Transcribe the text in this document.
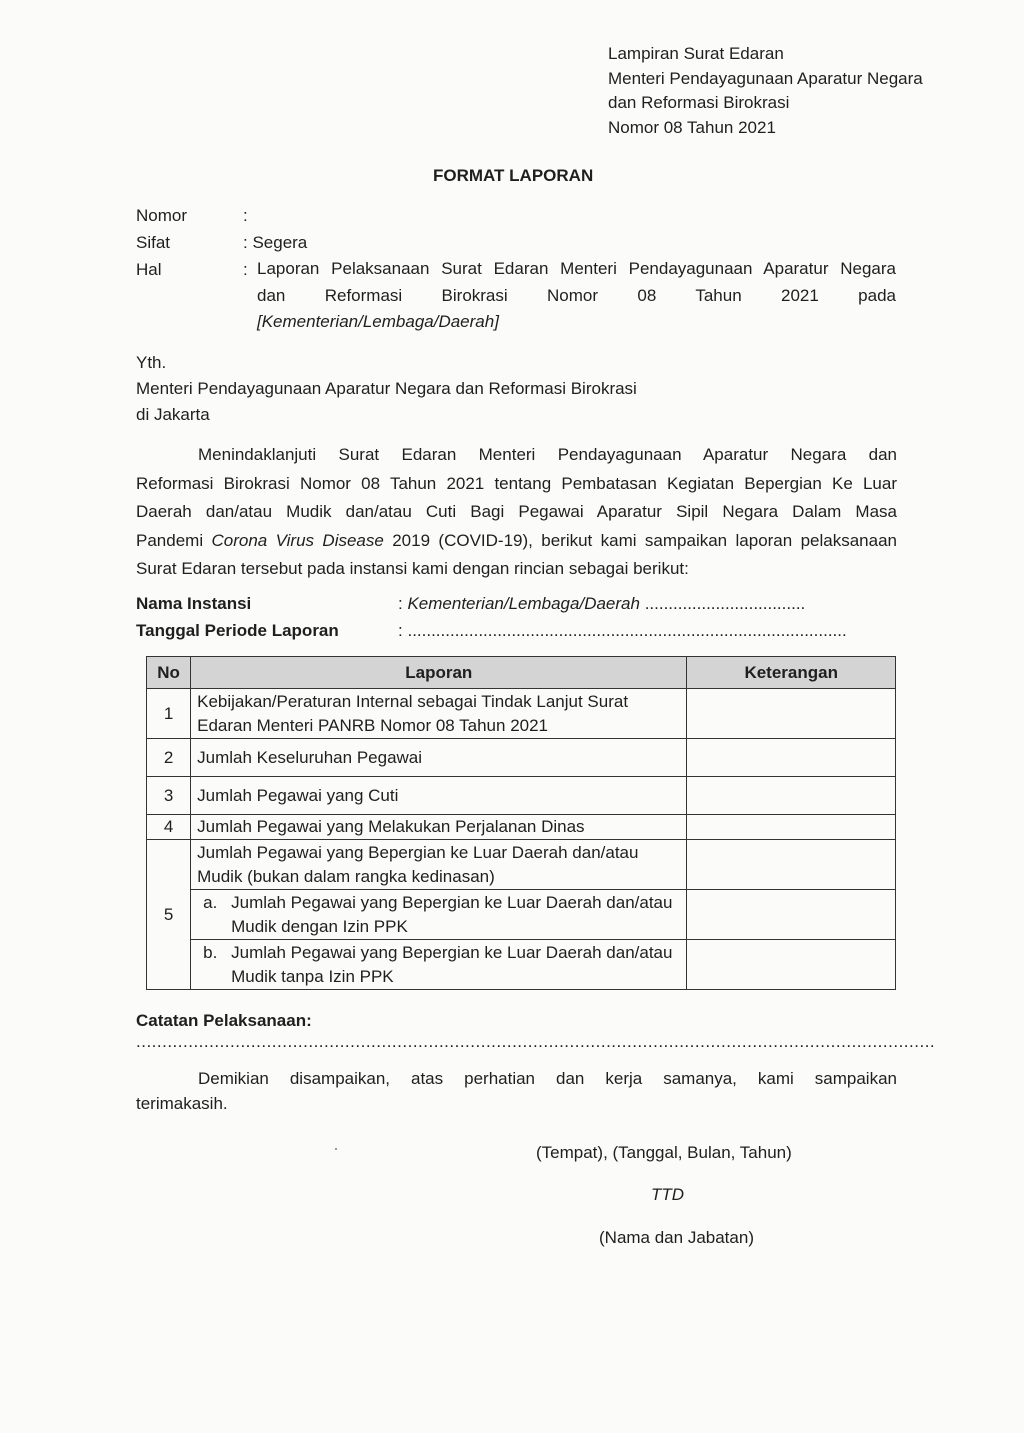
Lampiran Surat Edaran
Menteri Pendayagunaan Aparatur Negara
dan Reformasi Birokrasi
Nomor 08 Tahun 2021
FORMAT LAPORAN
Nomor	:
Sifat	: Segera
Hal	: Laporan Pelaksanaan Surat Edaran Menteri Pendayagunaan Aparatur Negara
dan Reformasi Birokrasi Nomor 08 Tahun 2021 pada
[Kementerian/Lembaga/Daerah]
Yth.
Menteri Pendayagunaan Aparatur Negara dan Reformasi Birokrasi
di Jakarta
Menindaklanjuti Surat Edaran Menteri Pendayagunaan Aparatur Negara dan
Reformasi Birokrasi Nomor 08 Tahun 2021 tentang Pembatasan Kegiatan Bepergian Ke Luar
Daerah dan/atau Mudik dan/atau Cuti Bagi Pegawai Aparatur Sipil Negara Dalam Masa
Pandemi Corona Virus Disease 2019 (COVID-19), berikut kami sampaikan laporan pelaksanaan
Surat Edaran tersebut pada instansi kami dengan rincian sebagai berikut:
Nama Instansi	: Kementerian/Lembaga/Daerah ..................................
Tanggal Periode Laporan	: .............................................................................................
No	Laporan	Keterangan
1	Kebijakan/Peraturan Internal sebagai Tindak Lanjut Surat Edaran Menteri PANRB Nomor 08 Tahun 2021	
2	Jumlah Keseluruhan Pegawai	
3	Jumlah Pegawai yang Cuti	
4	Jumlah Pegawai yang Melakukan Perjalanan Dinas	
5	Jumlah Pegawai yang Bepergian ke Luar Daerah dan/atau Mudik (bukan dalam rangka kedinasan)	

	a. Jumlah Pegawai yang Bepergian ke Luar Daerah dan/atau Mudik dengan Izin PPK	

	b. Jumlah Pegawai yang Bepergian ke Luar Daerah dan/atau Mudik tanpa Izin PPK	

Catatan Pelaksanaan:
.........................................................................................................................................................
Demikian disampaikan, atas perhatian dan kerja samanya, kami sampaikan
terimakasih.
(Tempat), (Tanggal, Bulan, Tahun)
TTD
(Nama dan Jabatan)
